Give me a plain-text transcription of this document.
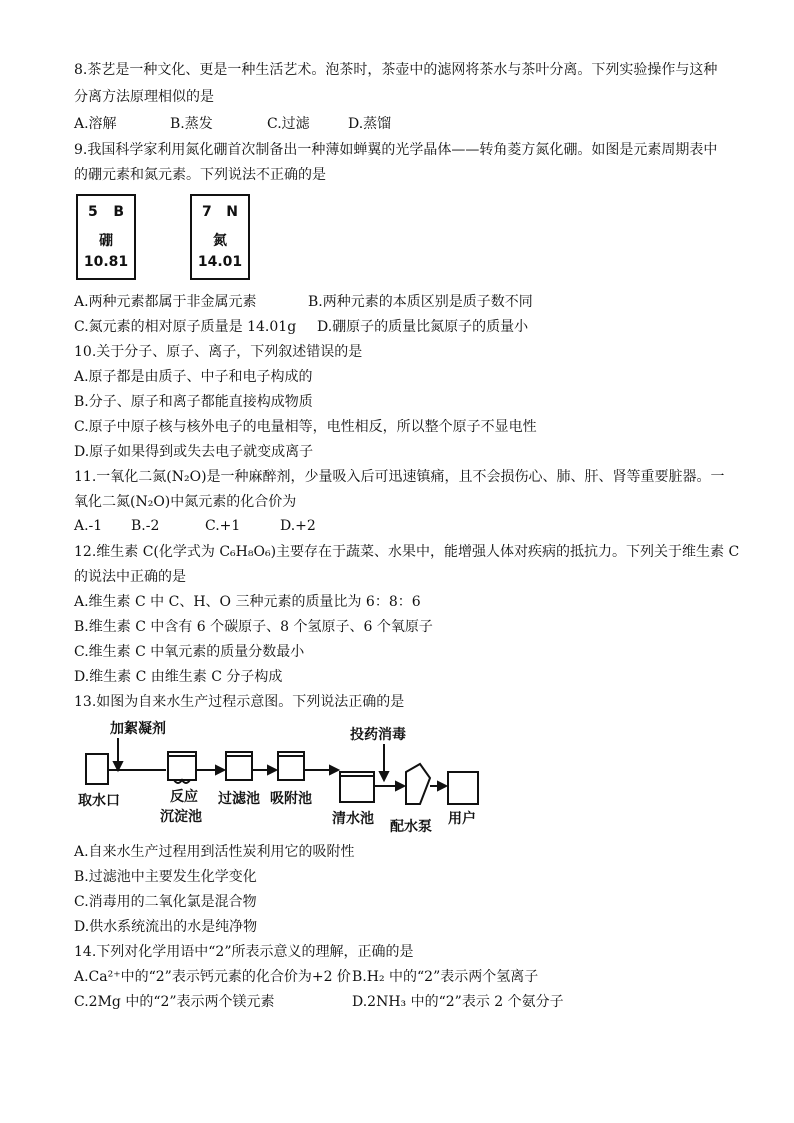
8.茶艺是一种文化、更是一种生活艺术。泡茶时，茶壶中的滤网将茶水与茶叶分离。下列实验操作与这种
分离方法原理相似的是
A.溶解	B.蒸发	C.过滤	D.蒸馏
9.我国科学家利用氮化硼首次制备出一种薄如蝉翼的光学晶体——转角菱方氮化硼。如图是元素周期表中
的硼元素和氮元素。下列说法不正确的是
5 B
硼
10.81
7 N
氮
14.01
A.两种元素都属于非金属元素	B.两种元素的本质区别是质子数不同
C.氮元素的相对原子质量是 14.01g D.硼原子的质量比氮原子的质量小
10.关于分子、原子、离子，下列叙述错误的是
A.原子都是由质子、中子和电子构成的
B.分子、原子和离子都能直接构成物质
C.原子中原子核与核外电子的电量相等，电性相反，所以整个原子不显电性
D.原子如果得到或失去电子就变成离子
11.一氧化二氮(N₂O)是一种麻醉剂，少量吸入后可迅速镇痛，且不会损伤心、肺、肝、肾等重要脏器。一
氧化二氮(N₂O)中氮元素的化合价为
A.-1 B.-2	C.+1	D.+2
12.维生素 C(化学式为 C₆H₈O₆)主要存在于蔬菜、水果中，能增强人体对疾病的抵抗力。下列关于维生素 C
的说法中正确的是
A.维生素 C 中 C、H、O 三种元素的质量比为 6：8：6
B.维生素 C 中含有 6 个碳原子、8 个氢原子、6 个氧原子
C.维生素 C 中氧元素的质量分数最小
D.维生素 C 由维生素 C 分子构成
13.如图为自来水生产过程示意图。下列说法正确的是
加絮凝剂
取水口	反应
沉淀池
过滤池 吸附池
投药消毒
清水池 配水泵 用户
A.自来水生产过程用到活性炭利用它的吸附性
B.过滤池中主要发生化学变化
C.消毒用的二氧化氯是混合物
D.供水系统流出的水是纯净物
14.下列对化学用语中“2”所表示意义的理解，正确的是
A.Ca²⁺中的“2”表示钙元素的化合价为+2 价 B.H₂ 中的“2”表示两个氢离子
C.2Mg 中的“2”表示两个镁元素	D.2NH₃ 中的“2”表示 2 个氨分子
